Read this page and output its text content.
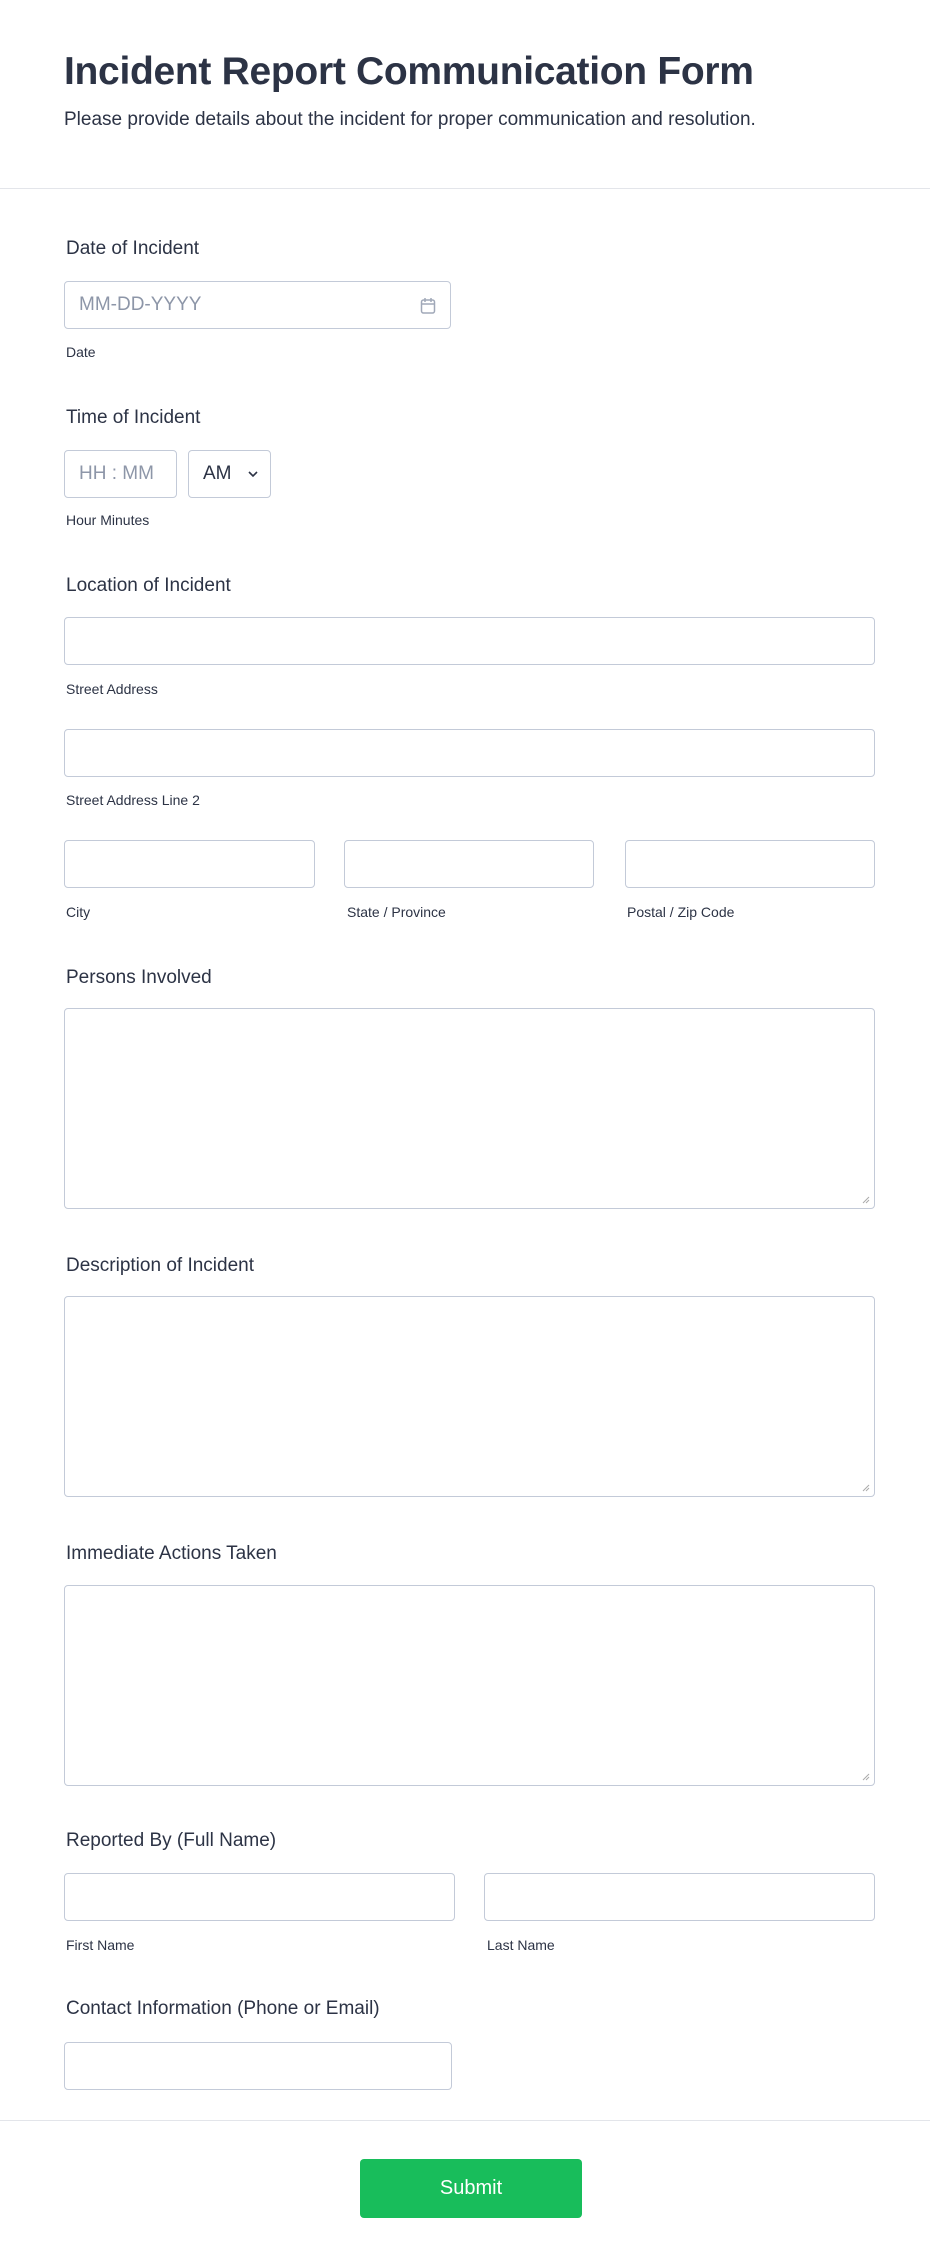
Incident Report Communication Form
Please provide details about the incident for proper communication and resolution.
Date of Incident
MM-DD-YYYY
Date
Time of Incident
HH : MM	AM
Hour Minutes
Location of Incident
Street Address
Street Address Line 2
City	State / Province	Postal / Zip Code
Persons Involved
Description of Incident
Immediate Actions Taken
Reported By (Full Name)
First Name	Last Name
Contact Information (Phone or Email)
Submit
